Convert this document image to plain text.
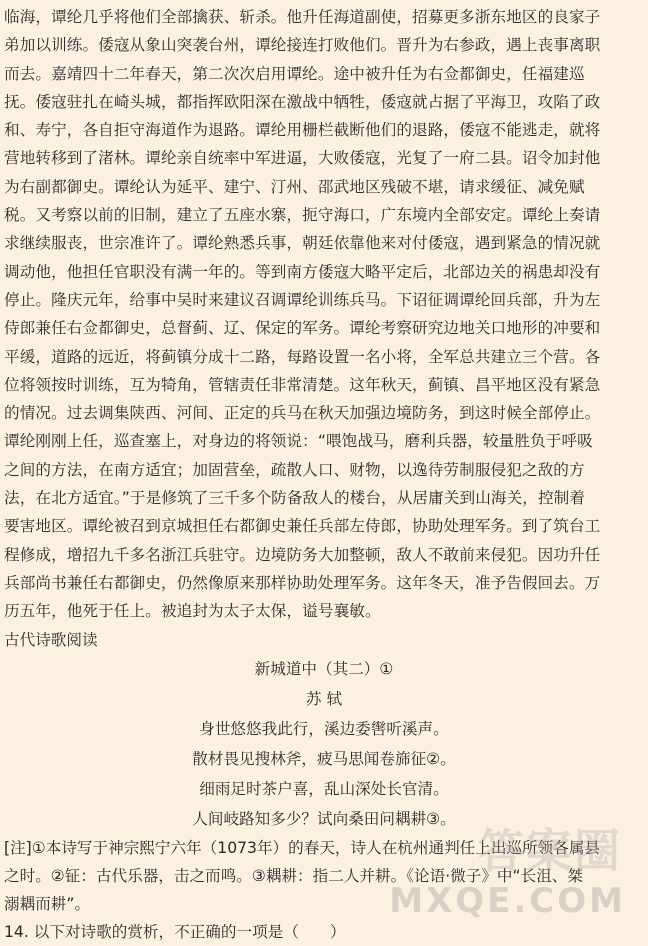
临海，谭纶几乎将他们全部擒获、斩杀。他升任海道副使，招募更多浙东地区的良家子
弟加以训练。倭寇从象山突袭台州，谭纶接连打败他们。晋升为右参政，遇上丧事离职
而去。嘉靖四十二年春天，第二次次启用谭纶。途中被升任为右佥都御史，任福建巡
抚。倭寇驻扎在崎头城，都指挥欧阳深在激战中牺牲，倭寇就占据了平海卫，攻陷了政
和、寿宁，各自拒守海道作为退路。谭纶用栅栏截断他们的退路，倭寇不能逃走，就将
营地转移到了渚林。谭纶亲自统率中军进逼，大败倭寇，光复了一府二县。诏令加封他
为右副都御史。谭纶认为延平、建宁、汀州、邵武地区残破不堪，请求缓征、减免赋
税。又考察以前的旧制，建立了五座水寨，扼守海口，广东境内全部安定。谭纶上奏请
求继续服丧，世宗准许了。谭纶熟悉兵事，朝廷依靠他来对付倭寇，遇到紧急的情况就
调动他，他担任官职没有满一年的。等到南方倭寇大略平定后，北部边关的祸患却没有
停止。隆庆元年，给事中吴时来建议召调谭纶训练兵马。下诏征调谭纶回兵部，升为左
侍郎兼任右佥都御史，总督蓟、辽、保定的军务。谭纶考察研究边地关口地形的冲要和
平缓，道路的远近，将蓟镇分成十二路，每路设置一名小将，全军总共建立三个营。各
位将领按时训练，互为犄角，管辖责任非常清楚。这年秋天，蓟镇、昌平地区没有紧急
的情况。过去调集陕西、河间、正定的兵马在秋天加强边境防务，到这时候全部停止。
谭纶刚刚上任，巡查塞上，对身边的将领说：“喂饱战马，磨利兵器，较量胜负于呼吸
之间的方法，在南方适宜；加固营垒，疏散人口、财物，以逸待劳制服侵犯之敌的方
法，在北方适宜。”于是修筑了三千多个防备敌人的楼台，从居庸关到山海关，控制着
要害地区。谭纶被召到京城担任右都御史兼任兵部左侍郎，协助处理军务。到了筑台工
程修成，增招九千多名浙江兵驻守。边境防务大加整顿，敌人不敢前来侵犯。因功升任
兵部尚书兼任右都御史，仍然像原来那样协助处理军务。这年冬天，准予告假回去。万
历五年，他死于任上。被追封为太子太保，谥号襄敏。
古代诗歌阅读
新城道中（其二）①
苏 轼
身世悠悠我此行，溪边委辔听溪声。
散材畏见搜林斧，疲马思闻卷旆征②。
细雨足时茶户喜，乱山深处长官清。
人间岐路知多少？试向桑田问耦耕③。
[注]①本诗写于神宗熙宁六年（1073年）的春天，诗人在杭州通判任上出巡所领各属县
之时。②钲：古代乐器，击之而鸣。③耦耕：指二人并耕。《论语·微子》中“长沮、桀
溺耦而耕”。
14. 以下对诗歌的赏析，不正确的一项是（　　）
答案圈
MXQE.COM
